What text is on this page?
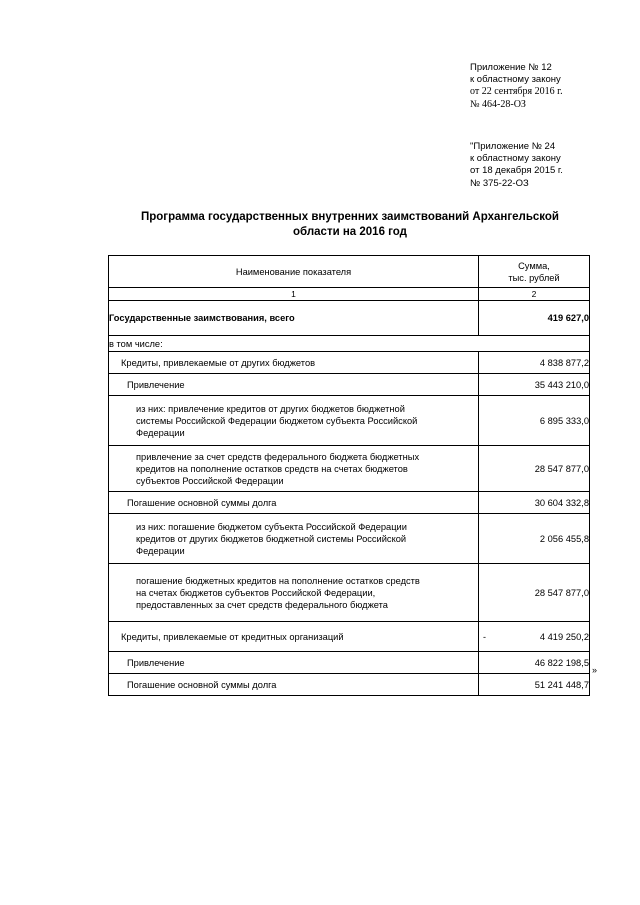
Приложение № 12
к областному закону
от 22 сентября 2016 г.
№ 464-28-ОЗ
"Приложение № 24
к областному закону
от 18 декабря 2015 г.
№ 375-22-ОЗ
Программа государственных внутренних заимствований Архангельской
области на 2016 год
Наименование показателя	Сумма,
тыс. рублей

1	2
Государственные заимствования, всего	419 627,0
в том числе:	
Кредиты, привлекаемые от других бюджетов	4 838 877,2
Привлечение	35 443 210,0

из них: привлечение кредитов от других бюджетов бюджетной
системы Российской Федерации бюджетом субъекта Российской
Федерации	6 895 333,0

привлечение за счет средств федерального бюджета бюджетных
кредитов на пополнение остатков средств на счетах бюджетов
субъектов Российской Федерации	28 547 877,0
Погашение основной суммы долга	30 604 332,8

из них: погашение бюджетом субъекта Российской Федерации
кредитов от других бюджетов бюджетной системы Российской
Федерации	2 056 455,8

погашение бюджетных кредитов на пополнение остатков средств
на счетах бюджетов субъектов Российской Федерации,
предоставленных за счет средств федерального бюджета	28 547 877,0
Кредиты, привлекаемые от кредитных организаций	- 4 419 250,2
Привлечение	46 822 198,5
Погашение основной суммы долга	51 241 448,7
»
